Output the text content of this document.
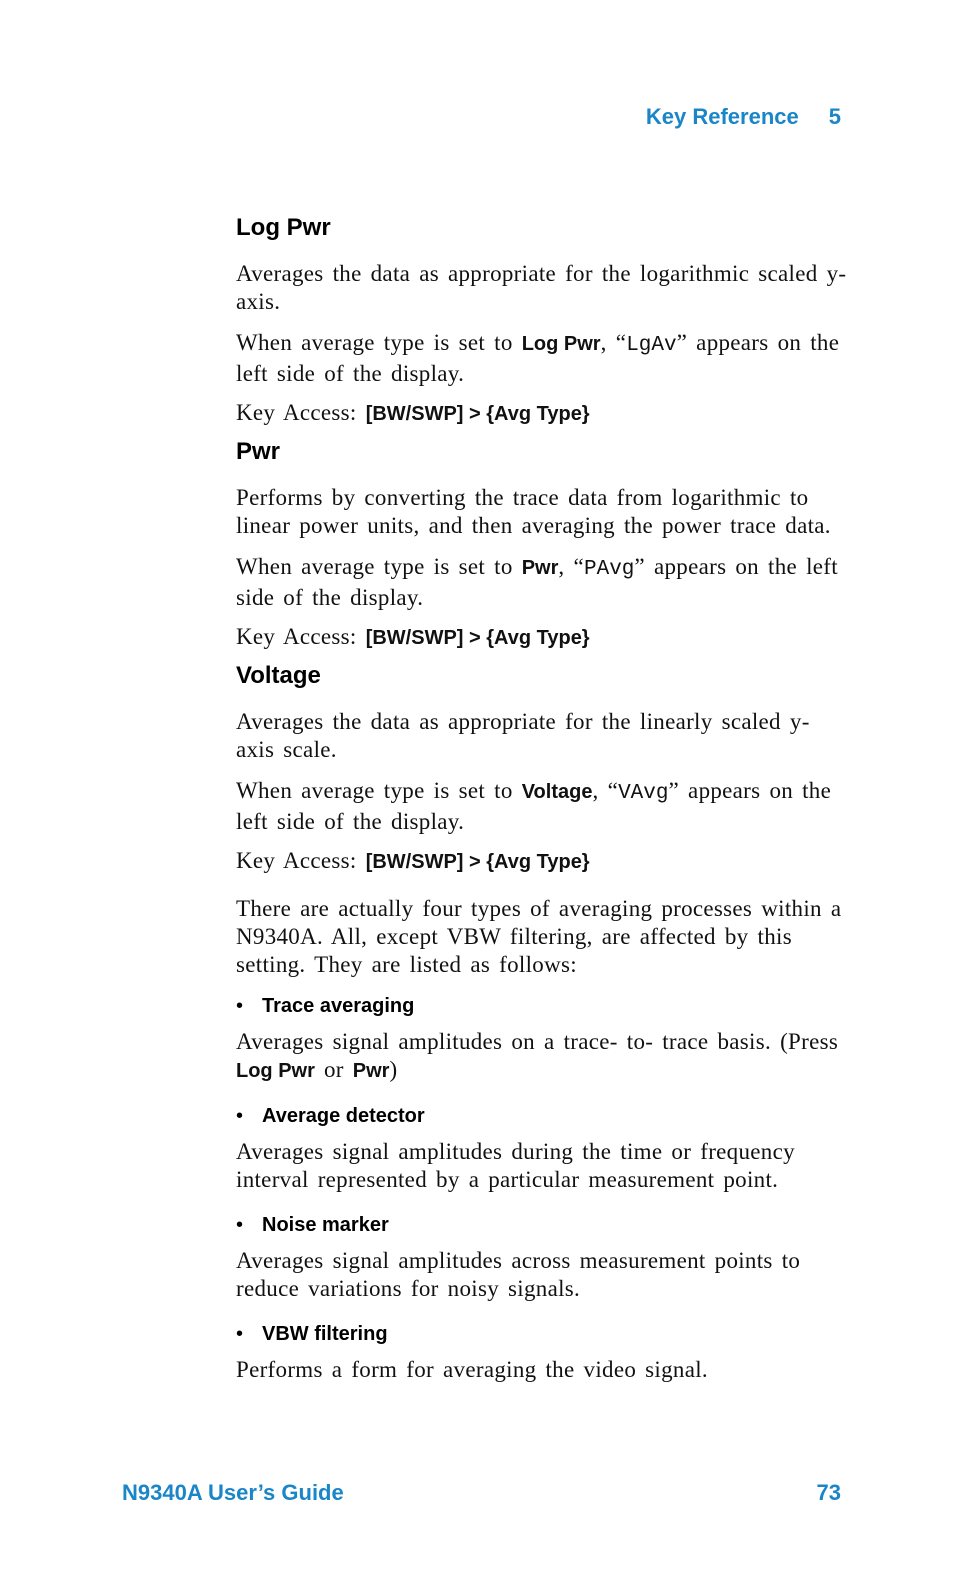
Key Reference 5
Log Pwr

Averages the data as appropriate for the logarithmic scaled y- axis.

When average type is set to Log Pwr, “LgAv” appears on the left side of the display.

Key Access: [BW/SWP] > {Avg Type}

Pwr

Performs by converting the trace data from logarithmic to linear power units, and then averaging the power trace data.

When average type is set to Pwr, “PAvg” appears on the left side of the display.

Key Access: [BW/SWP] > {Avg Type}

Voltage

Averages the data as appropriate for the linearly scaled y- axis scale.

When average type is set to Voltage, “VAvg” appears on the left side of the display.

Key Access: [BW/SWP] > {Avg Type}

There are actually four types of averaging processes within a N9340A. All, except VBW filtering, are affected by this setting. They are listed as follows:

• Trace averaging

Averages signal amplitudes on a trace- to- trace basis. (Press Log Pwr or Pwr)

• Average detector

Averages signal amplitudes during the time or frequency interval represented by a particular measurement point.

• Noise marker

Averages signal amplitudes across measurement points to reduce variations for noisy signals.

• VBW filtering

Performs a form for averaging the video signal.

N9340A User’s Guide	73
